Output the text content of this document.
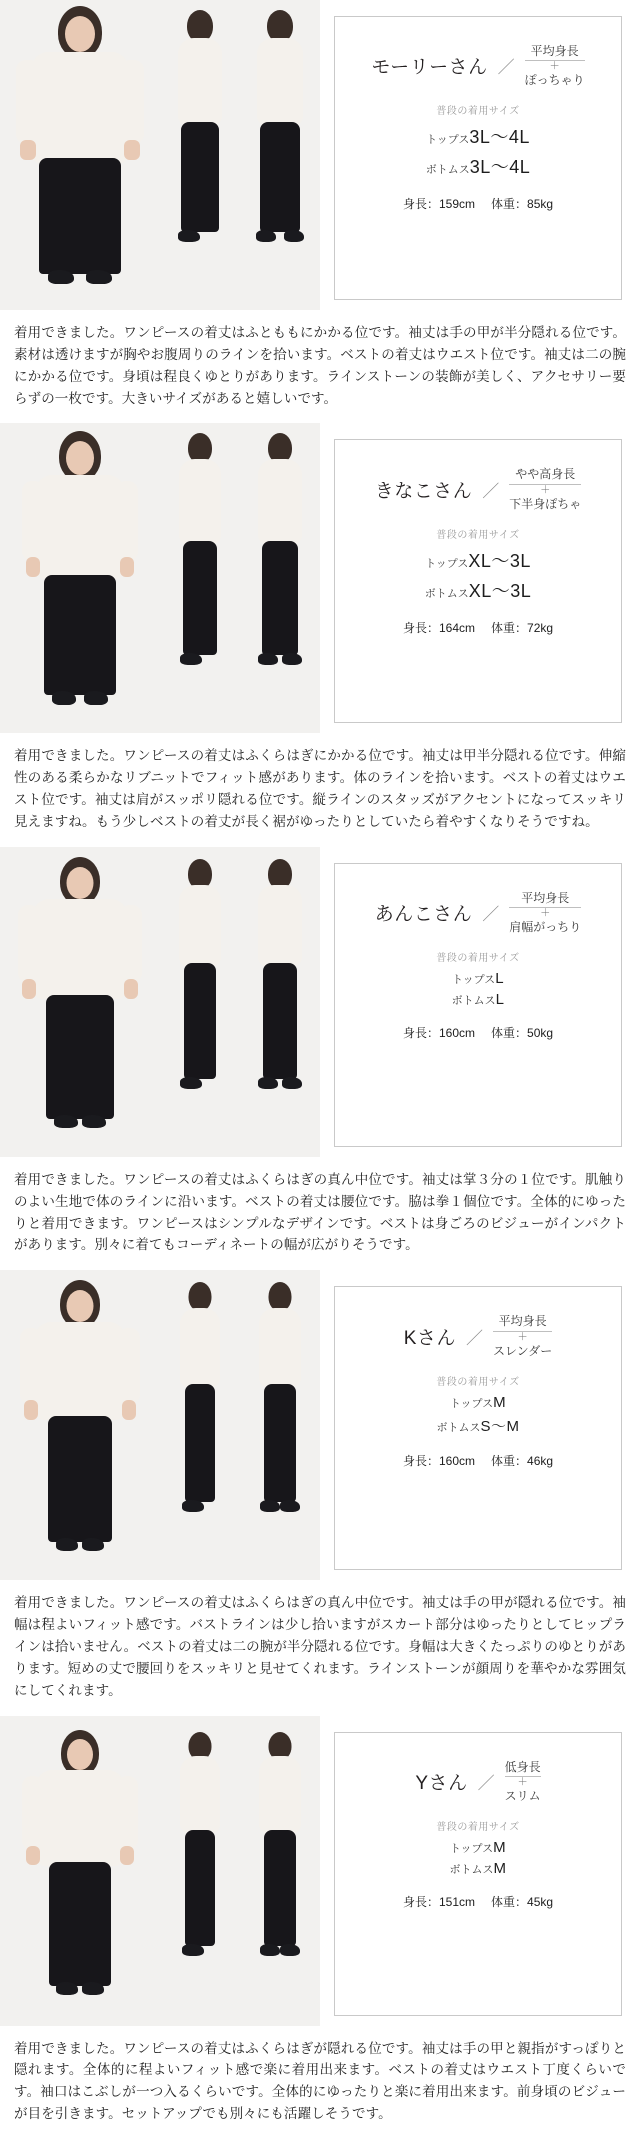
モーリーさん ／
平均身長
＋
ぽっちゃり
普段の着用サイズ
トップス 3L～4L
ボトムス 3L～4L
身長：159cm 体重：85kg
着用できました。ワンピースの着丈はふとももにかかる位です。袖丈は手の甲が半分隠れる位です。素材は透けますが胸やお腹周りのラインを拾います。ベストの着丈はウエスト位です。袖丈は二の腕にかかる位です。身頃は程良くゆとりがあります。ラインストーンの装飾が美しく、アクセサリー要らずの一枚です。大きいサイズがあると嬉しいです。
きなこさん ／
やや高身長
＋
下半身ぽちゃ
普段の着用サイズ
トップス XL～3L
ボトムス XL～3L
身長：164cm 体重：72kg
着用できました。ワンピースの着丈はふくらはぎにかかる位です。袖丈は甲半分隠れる位です。伸縮性のある柔らかなリブニットでフィット感があります。体のラインを拾います。ベストの着丈はウエスト位です。袖丈は肩がスッポリ隠れる位です。縦ラインのスタッズがアクセントになってスッキリ見えますね。もう少しベストの着丈が長く裾がゆったりとしていたら着やすくなりそうですね。
あんこさん ／
平均身長
＋
肩幅がっちり
普段の着用サイズ
トップス L
ボトムス L
身長：160cm 体重：50kg
着用できました。ワンピースの着丈はふくらはぎの真ん中位です。袖丈は掌３分の１位です。肌触りのよい生地で体のラインに沿います。ベストの着丈は腰位です。脇は拳１個位です。全体的にゆったりと着用できます。ワンピースはシンプルなデザインです。ベストは身ごろのビジューがインパクトがあります。別々に着てもコーディネートの幅が広がりそうです。
Kさん ／
平均身長
＋
スレンダー
普段の着用サイズ
トップス M
ボトムス S～M
身長：160cm 体重：46kg
着用できました。ワンピースの着丈はふくらはぎの真ん中位です。袖丈は手の甲が隠れる位です。袖幅は程よいフィット感です。バストラインは少し拾いますがスカート部分はゆったりとしてヒップラインは拾いません。ベストの着丈は二の腕が半分隠れる位です。身幅は大きくたっぷりのゆとりがあります。短めの丈で腰回りをスッキリと見せてくれます。ラインストーンが顔周りを華やかな雰囲気にしてくれます。
Yさん ／
低身長
＋
スリム
普段の着用サイズ
トップス M
ボトムス M
身長：151cm 体重：45kg
着用できました。ワンピースの着丈はふくらはぎが隠れる位です。袖丈は手の甲と親指がすっぽりと隠れます。全体的に程よいフィット感で楽に着用出来ます。ベストの着丈はウエスト丁度くらいです。袖口はこぶしが一つ入るくらいです。全体的にゆったりと楽に着用出来ます。前身頃のビジューが目を引きます。セットアップでも別々にも活躍しそうです。
